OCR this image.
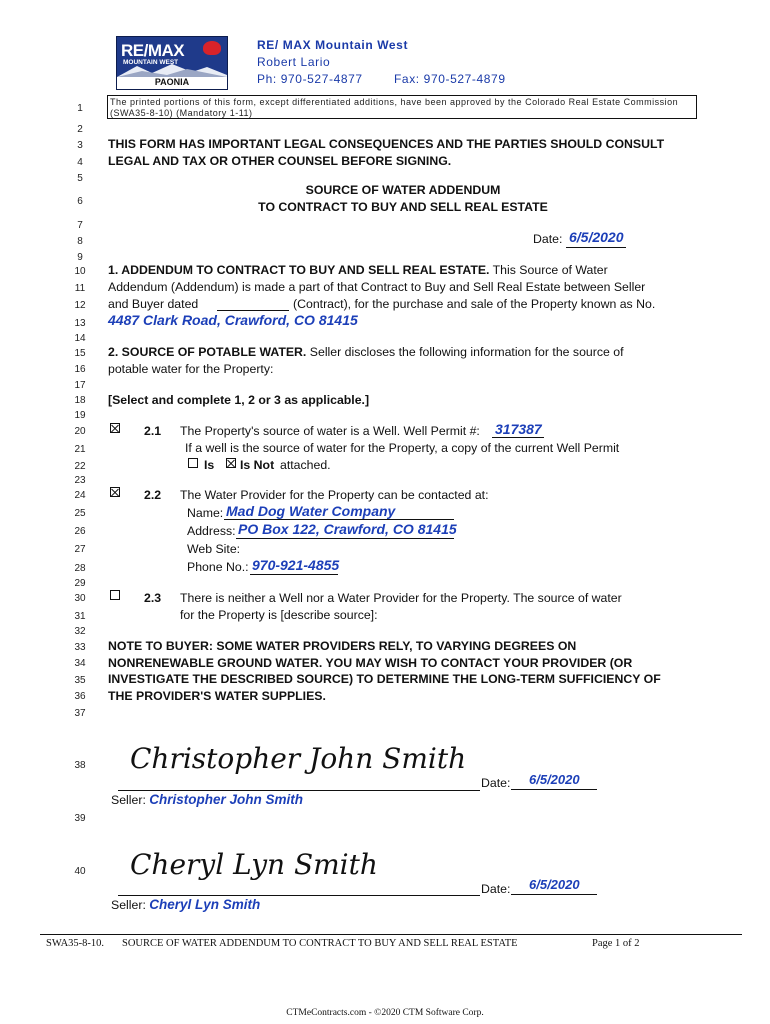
RE/MAX
MOUNTAIN WEST
PAONIA
RE/ MAX Mountain West
Robert Lario
Ph: 970-527-4877	Fax: 970-527-4879
The printed portions of this form, except differentiated additions, have been approved by the Colorado Real Estate Commission (SWA35-8-10) (Mandatory 1-11)
1
2
3
4
5
6
7
8
9
10
11
12
13
14
15
16
17
18
19
20
21
22
23
24
25
26
27
28
29
30
31
32
33
34
35
36
37
38
39
40
THIS FORM HAS IMPORTANT LEGAL CONSEQUENCES AND THE PARTIES SHOULD CONSULT
LEGAL AND TAX OR OTHER COUNSEL BEFORE SIGNING.
SOURCE OF WATER ADDENDUM
TO CONTRACT TO BUY AND SELL REAL ESTATE
Date: 6/5/2020
1. ADDENDUM TO CONTRACT TO BUY AND SELL REAL ESTATE. This Source of Water
Addendum (Addendum) is made a part of that Contract to Buy and Sell Real Estate between Seller
and Buyer dated	(Contract), for the purchase and sale of the Property known as No.
4487 Clark Road, Crawford, CO 81415
2. SOURCE OF POTABLE WATER. Seller discloses the following information for the source of
potable water for the Property:
[Select and complete 1, 2 or 3 as applicable.]
2.1 The Property's source of water is a Well. Well Permit #: 317387
If a well is the source of water for the Property, a copy of the current Well Permit
Is Is Not attached.
2.2 The Water Provider for the Property can be contacted at:
Name: Mad Dog Water Company
Address: PO Box 122, Crawford, CO 81415
Web Site:
Phone No.: 970-921-4855
2.3 There is neither a Well nor a Water Provider for the Property. The source of water
for the Property is [describe source]:
NOTE TO BUYER: SOME WATER PROVIDERS RELY, TO VARYING DEGREES ON
NONRENEWABLE GROUND WATER. YOU MAY WISH TO CONTACT YOUR PROVIDER (OR
INVESTIGATE THE DESCRIBED SOURCE) TO DETERMINE THE LONG-TERM SUFFICIENCY OF
THE PROVIDER'S WATER SUPPLIES.
Christopher John Smith
Date: 6/5/2020
Seller: Christopher John Smith
Cheryl Lyn Smith
Date: 6/5/2020
Seller: Cheryl Lyn Smith
SWA35-8-10. SOURCE OF WATER ADDENDUM TO CONTRACT TO BUY AND SELL REAL ESTATE	Page 1 of 2
CTMeContracts.com - ©2020 CTM Software Corp.
